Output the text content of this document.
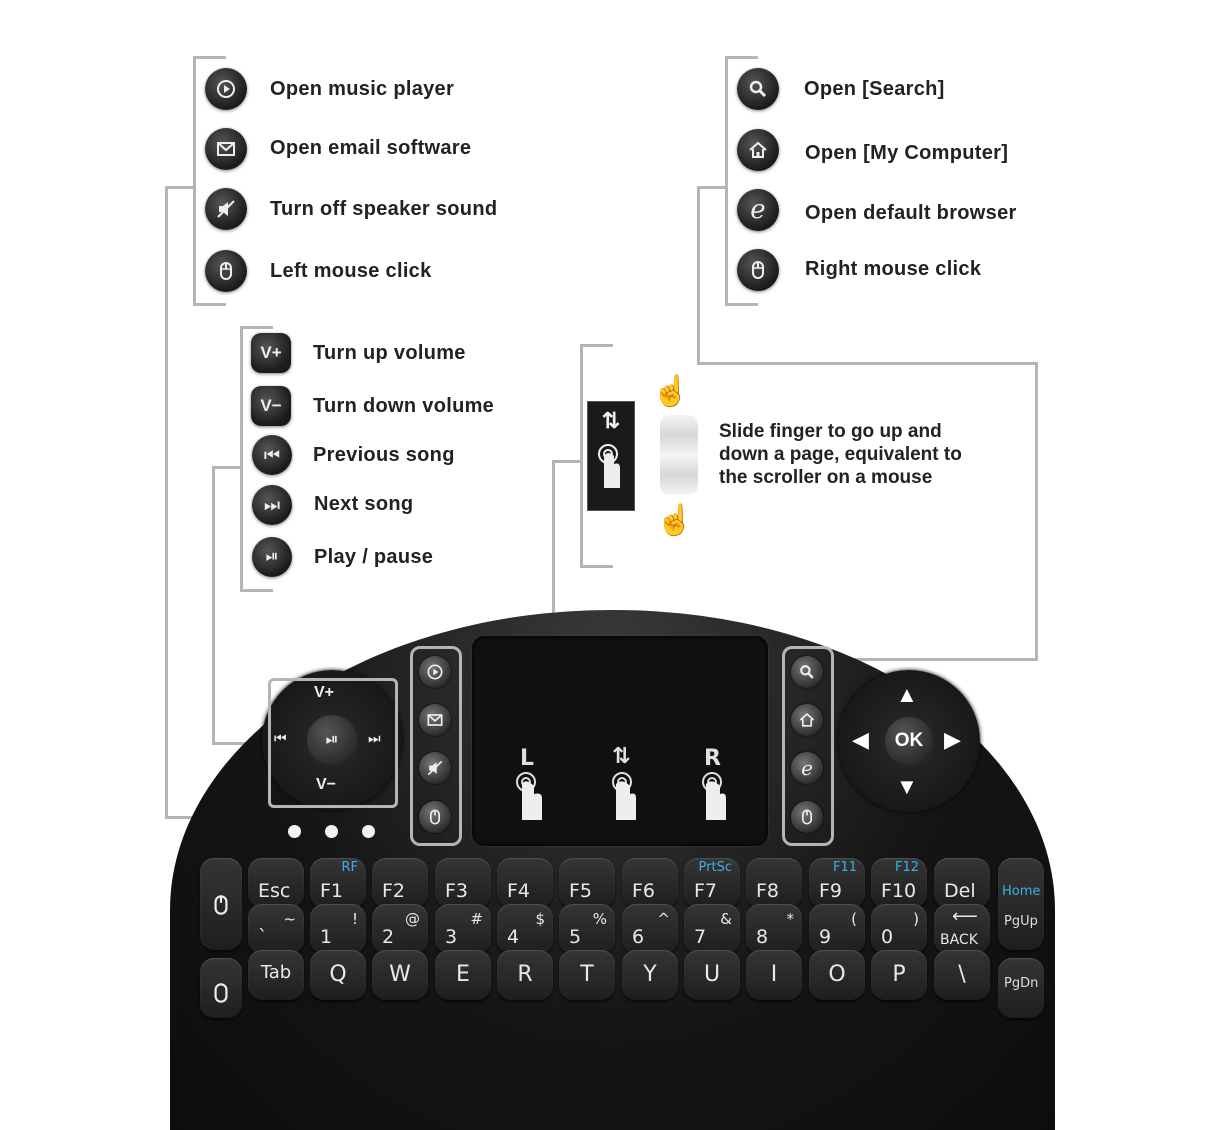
Open music player
Open email software
Turn off speaker sound
Left mouse click
V+ Turn up volume
V− Turn down volume
⏮ Previous song
⏭ Next song
⏯ Play / pause
Open [Search]
Open [My Computer]
e	Open default browser
Right mouse click
⇅
☝
☝
Slide finger to go up and
down a page, equivalent to
the scroller on a mouse
⏯
V+
V−
⏮	⏭
L	⇅	R	e
OK
▲
▼
◀	▶
Esc F1
RF
F2 F3 F4 F5 F6 F7
PrtSc
F8 F9
F11
F10
F12
Del
`
~
1
!
2
@
3
#
4
$
5
%
6
^
7
&
8
*
9
(
0
) ⟵
BACK
Tab	Q	W	E	R	T	Y	U	I	O	P	\
Home
PgUp
PgDn
